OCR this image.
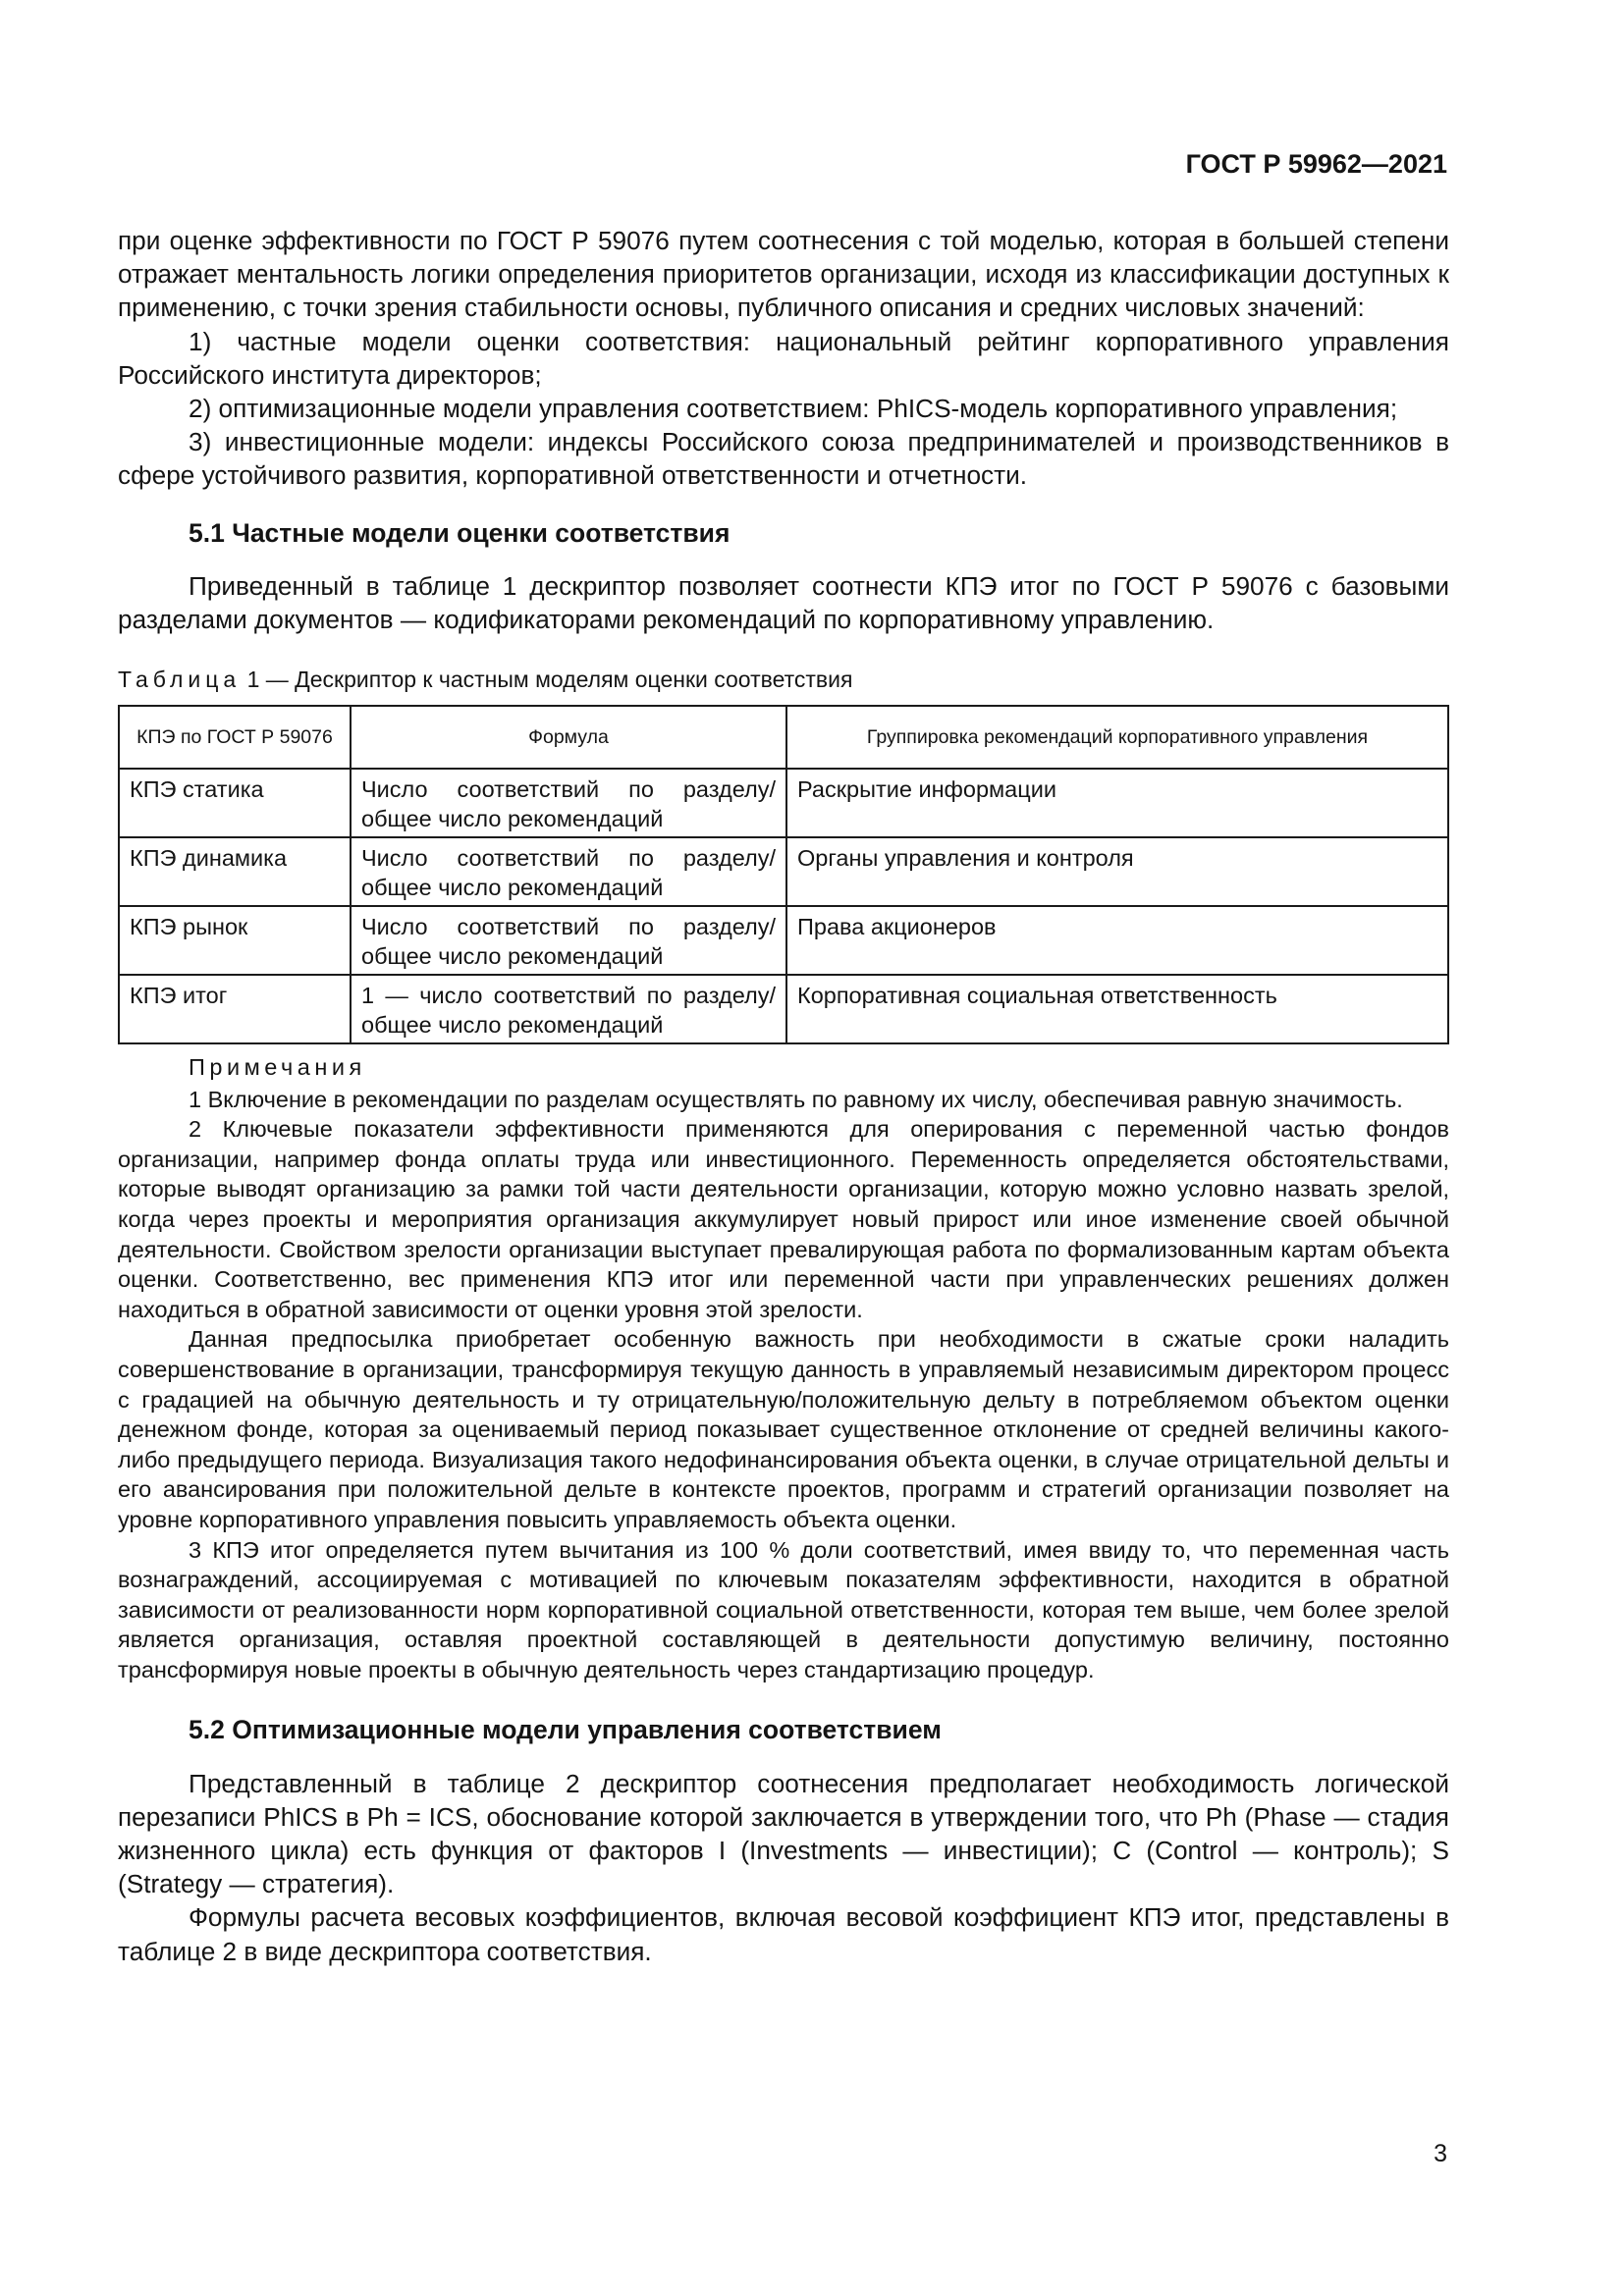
ГОСТ Р 59962—2021

при оценке эффективности по ГОСТ Р 59076 путем соотнесения с той моделью, которая в большей степени отражает ментальность логики определения приоритетов организации, исходя из классификации доступных к применению, с точки зрения стабильности основы, публичного описания и средних числовых значений:

1) частные модели оценки соответствия: национальный рейтинг корпоративного управления Российского института директоров;

2) оптимизационные модели управления соответствием: PhICS-модель корпоративного управления;

3) инвестиционные модели: индексы Российского союза предпринимателей и производственников в сфере устойчивого развития, корпоративной ответственности и отчетности.

5.1 Частные модели оценки соответствия

Приведенный в таблице 1 дескриптор позволяет соотнести КПЭ итог по ГОСТ Р 59076 с базовыми разделами документов — кодификаторами рекомендаций по корпоративному управлению.

Таблица 1 — Дескриптор к частным моделям оценки соответствия
КПЭ по ГОСТ Р 59076	Формула	Группировка рекомендаций корпоративного управления
КПЭ статика	Число соответствий по разделу/ общее число рекомендаций	Раскрытие информации
КПЭ динамика	Число соответствий по разделу/ общее число рекомендаций	Органы управления и контроля
КПЭ рынок	Число соответствий по разделу/ общее число рекомендаций	Права акционеров
КПЭ итог	1 — число соответствий по разделу/ общее число рекомендаций	Корпоративная социальная ответственность

Примечания

1 Включение в рекомендации по разделам осуществлять по равному их числу, обеспечивая равную значимость.

2 Ключевые показатели эффективности применяются для оперирования с переменной частью фондов организации, например фонда оплаты труда или инвестиционного. Переменность определяется обстоятельствами, которые выводят организацию за рамки той части деятельности организации, которую можно условно назвать зрелой, когда через проекты и мероприятия организация аккумулирует новый прирост или иное изменение своей обычной деятельности. Свойством зрелости организации выступает превалирующая работа по формализованным картам объекта оценки. Соответственно, вес применения КПЭ итог или переменной части при управленческих решениях должен находиться в обратной зависимости от оценки уровня этой зрелости.

Данная предпосылка приобретает особенную важность при необходимости в сжатые сроки наладить совершенствование в организации, трансформируя текущую данность в управляемый независимым директором процесс с градацией на обычную деятельность и ту отрицательную/положительную дельту в потребляемом объектом оценки денежном фонде, которая за оцениваемый период показывает существенное отклонение от средней величины какого-либо предыдущего периода. Визуализация такого недофинансирования объекта оценки, в случае отрицательной дельты и его авансирования при положительной дельте в контексте проектов, программ и стратегий организации позволяет на уровне корпоративного управления повысить управляемость объекта оценки.

3 КПЭ итог определяется путем вычитания из 100 % доли соответствий, имея ввиду то, что переменная часть вознаграждений, ассоциируемая с мотивацией по ключевым показателям эффективности, находится в обратной зависимости от реализованности норм корпоративной социальной ответственности, которая тем выше, чем более зрелой является организация, оставляя проектной составляющей в деятельности допустимую величину, постоянно трансформируя новые проекты в обычную деятельность через стандартизацию процедур.

5.2 Оптимизационные модели управления соответствием

Представленный в таблице 2 дескриптор соотнесения предполагает необходимость логической перезаписи PhICS в Ph = ICS, обоснование которой заключается в утверждении того, что Ph (Phase — стадия жизненного цикла) есть функция от факторов I (Investments — инвестиции); C (Control — контроль); S (Strategy — стратегия).

Формулы расчета весовых коэффициентов, включая весовой коэффициент КПЭ итог, представлены в таблице 2 в виде дескриптора соответствия.

3
